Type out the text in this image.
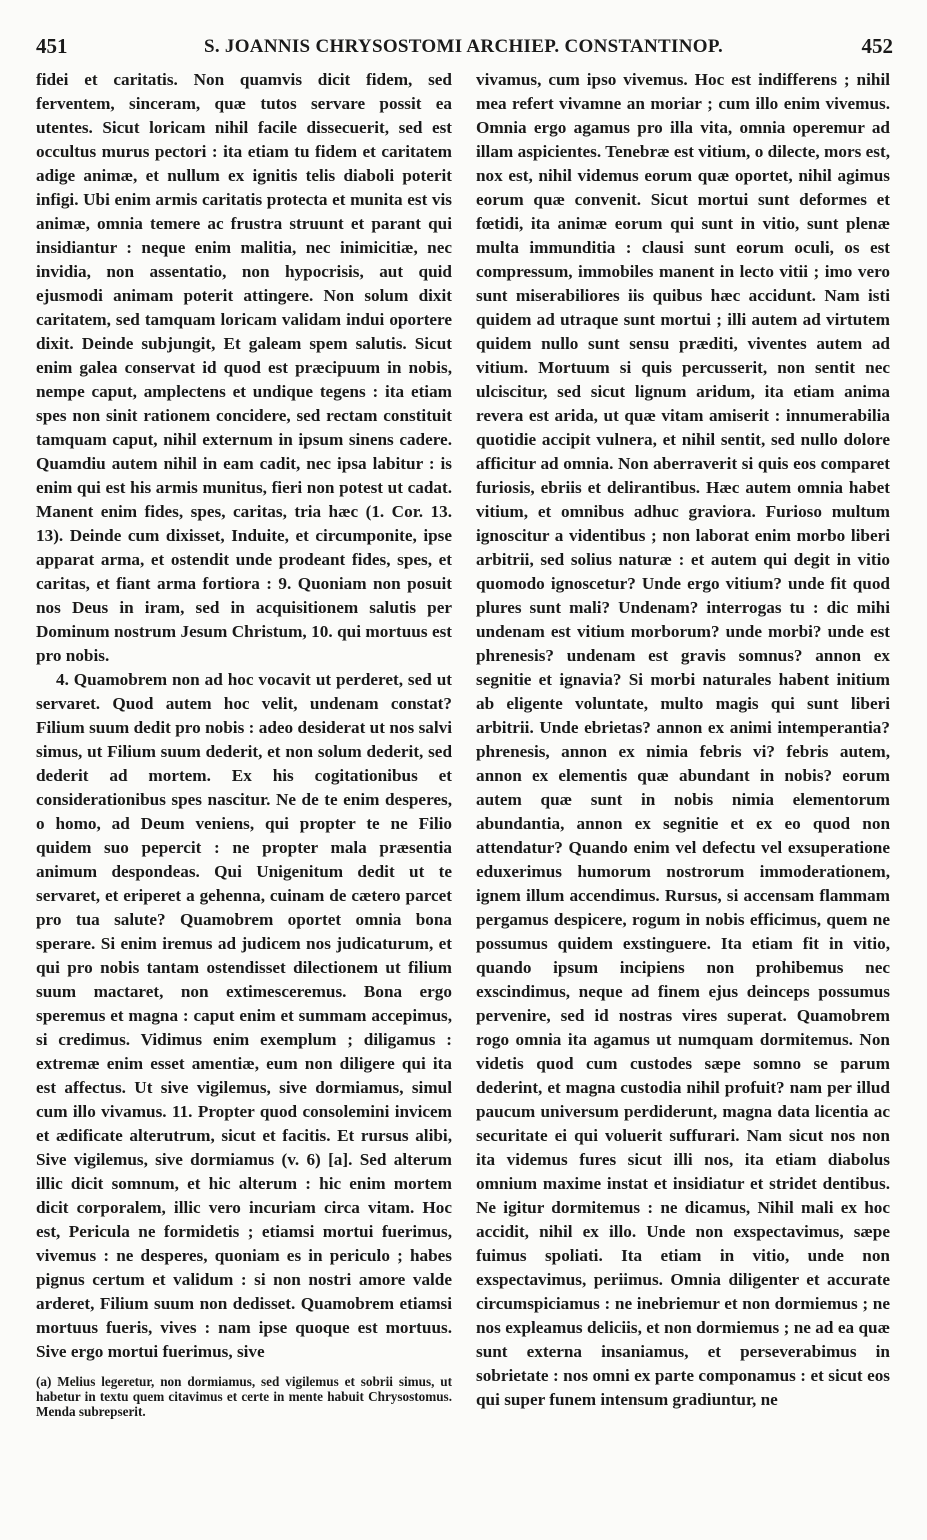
451	S. JOANNIS CHRYSOSTOMI ARCHIEP. CONSTANTINOP.	452

fidei et caritatis. Non quamvis dicit fidem, sed ferventem, sinceram, quæ tutos servare possit ea utentes. Sicut loricam nihil facile dissecuerit, sed est occultus murus pectori : ita etiam tu fidem et caritatem adige animæ, et nullum ex ignitis telis diaboli poterit infigi. Ubi enim armis caritatis protecta et munita est vis animæ, omnia temere ac frustra struunt et parant qui insidiantur : neque enim malitia, nec inimicitiæ, nec invidia, non assentatio, non hypocrisis, aut quid ejusmodi animam poterit attingere. Non solum dixit caritatem, sed tamquam loricam validam indui oportere dixit. Deinde subjungit, Et galeam spem salutis. Sicut enim galea conservat id quod est præcipuum in nobis, nempe caput, amplectens et undique tegens : ita etiam spes non sinit rationem concidere, sed rectam constituit tamquam caput, nihil externum in ipsum sinens cadere. Quamdiu autem nihil in eam cadit, nec ipsa labitur : is enim qui est his armis munitus, fieri non potest ut cadat. Manent enim fides, spes, caritas, tria hæc (1. Cor. 13. 13). Deinde cum dixisset, Induite, et circumponite, ipse apparat arma, et ostendit unde prodeant fides, spes, et caritas, et fiant arma fortiora : 9. Quoniam non posuit nos Deus in iram, sed in acquisitionem salutis per Dominum nostrum Jesum Christum, 10. qui mortuus est pro nobis.

4. Quamobrem non ad hoc vocavit ut perderet, sed ut servaret. Quod autem hoc velit, undenam constat? Filium suum dedit pro nobis : adeo desiderat ut nos salvi simus, ut Filium suum dederit, et non solum dederit, sed dederit ad mortem. Ex his cogitationibus et considerationibus spes nascitur. Ne de te enim desperes, o homo, ad Deum veniens, qui propter te ne Filio quidem suo pepercit : ne propter mala præsentia animum despondeas. Qui Unigenitum dedit ut te servaret, et eriperet a gehenna, cuinam de cætero parcet pro tua salute? Quamobrem oportet omnia bona sperare. Si enim iremus ad judicem nos judicaturum, et qui pro nobis tantam ostendisset dilectionem ut filium suum mactaret, non extimesceremus. Bona ergo speremus et magna : caput enim et summam accepimus, si credimus. Vidimus enim exemplum ; diligamus : extremæ enim esset amentiæ, eum non diligere qui ita est affectus. Ut sive vigilemus, sive dormiamus, simul cum illo vivamus. 11. Propter quod consolemini invicem et ædificate alterutrum, sicut et facitis. Et rursus alibi, Sive vigilemus, sive dormiamus (v. 6) [a]. Sed alterum illic dicit somnum, et hic alterum : hic enim mortem dicit corporalem, illic vero incuriam circa vitam. Hoc est, Pericula ne formidetis ; etiamsi mortui fuerimus, vivemus : ne desperes, quoniam es in periculo ; habes pignus certum et validum : si non nostri amore valde arderet, Filium suum non dedisset. Quamobrem etiamsi mortuus fueris, vives : nam ipse quoque est mortuus. Sive ergo mortui fuerimus, sive

(a) Melius legeretur, non dormiamus, sed vigilemus et sobrii simus, ut habetur in textu quem citavimus et certe in mente habuit Chrysostomus. Menda subrepserit.

vivamus, cum ipso vivemus. Hoc est indifferens ; nihil mea refert vivamne an moriar ; cum illo enim vivemus. Omnia ergo agamus pro illa vita, omnia operemur ad illam aspicientes. Tenebræ est vitium, o dilecte, mors est, nox est, nihil videmus eorum quæ oportet, nihil agimus eorum quæ convenit. Sicut mortui sunt deformes et fœtidi, ita animæ eorum qui sunt in vitio, sunt plenæ multa immunditia : clausi sunt eorum oculi, os est compressum, immobiles manent in lecto vitii ; imo vero sunt miserabiliores iis quibus hæc accidunt. Nam isti quidem ad utraque sunt mortui ; illi autem ad virtutem quidem nullo sunt sensu præditi, viventes autem ad vitium. Mortuum si quis percusserit, non sentit nec ulciscitur, sed sicut lignum aridum, ita etiam anima revera est arida, ut quæ vitam amiserit : innumerabilia quotidie accipit vulnera, et nihil sentit, sed nullo dolore afficitur ad omnia. Non aberraverit si quis eos comparet furiosis, ebriis et delirantibus. Hæc autem omnia habet vitium, et omnibus adhuc graviora. Furioso multum ignoscitur a videntibus ; non laborat enim morbo liberi arbitrii, sed solius naturæ : et autem qui degit in vitio quomodo ignoscetur? Unde ergo vitium? unde fit quod plures sunt mali? Undenam? interrogas tu : dic mihi undenam est vitium morborum? unde morbi? unde est phrenesis? undenam est gravis somnus? annon ex segnitie et ignavia? Si morbi naturales habent initium ab eligente voluntate, multo magis qui sunt liberi arbitrii. Unde ebrietas? annon ex animi intemperantia? phrenesis, annon ex nimia febris vi? febris autem, annon ex elementis quæ abundant in nobis? eorum autem quæ sunt in nobis nimia elementorum abundantia, annon ex segnitie et ex eo quod non attendatur? Quando enim vel defectu vel exsuperatione eduxerimus humorum nostrorum immoderationem, ignem illum accendimus. Rursus, si accensam flammam pergamus despicere, rogum in nobis efficimus, quem ne possumus quidem exstinguere. Ita etiam fit in vitio, quando ipsum incipiens non prohibemus nec exscindimus, neque ad finem ejus deinceps possumus pervenire, sed id nostras vires superat. Quamobrem rogo omnia ita agamus ut numquam dormitemus. Non videtis quod cum custodes sæpe somno se parum dederint, et magna custodia nihil profuit? nam per illud paucum universum perdiderunt, magna data licentia ac securitate ei qui voluerit suffurari. Nam sicut nos non ita videmus fures sicut illi nos, ita etiam diabolus omnium maxime instat et insidiatur et stridet dentibus. Ne igitur dormitemus : ne dicamus, Nihil mali ex hoc accidit, nihil ex illo. Unde non exspectavimus, sæpe fuimus spoliati. Ita etiam in vitio, unde non exspectavimus, periimus. Omnia diligenter et accurate circumspiciamus : ne inebriemur et non dormiemus ; ne nos expleamus deliciis, et non dormiemus ; ne ad ea quæ sunt externa insaniamus, et perseverabimus in sobrietate : nos omni ex parte componamus : et sicut eos qui super funem intensum gradiuntur, ne
